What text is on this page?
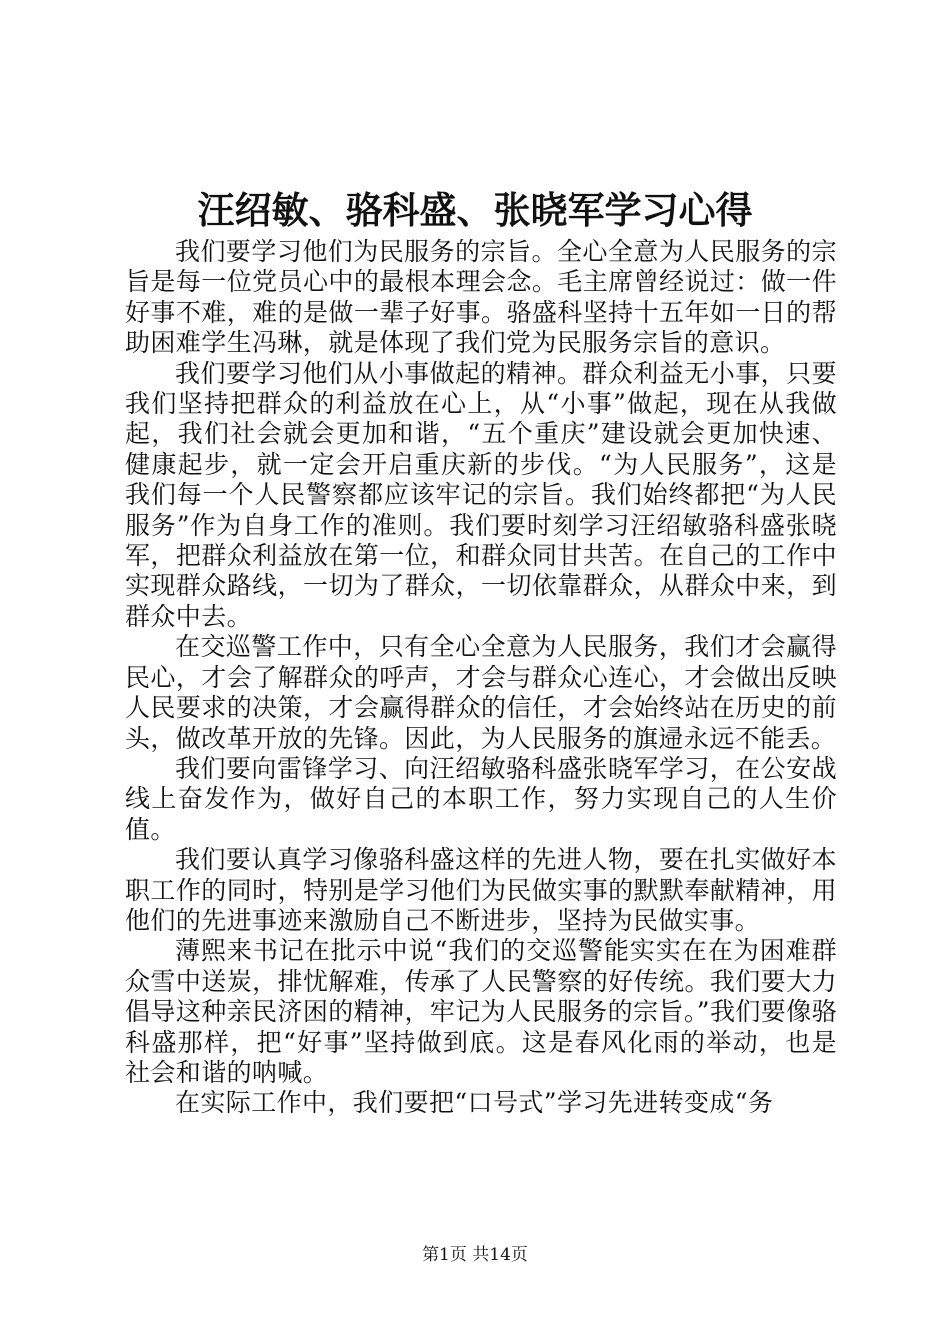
汪绍敏、骆科盛、张晓军学习心得

我们要学习他们为民服务的宗旨。全心全意为人民服务的宗旨是每一位党员心中的最根本理会念。毛主席曾经说过：做一件好事不难，难的是做一辈子好事。骆盛科坚持十五年如一日的帮助困难学生冯琳，就是体现了我们党为民服务宗旨的意识。

我们要学习他们从小事做起的精神。群众利益无小事，只要我们坚持把群众的利益放在心上，从“小事”做起，现在从我做起，我们社会就会更加和谐，“五个重庆”建设就会更加快速、健康起步，就一定会开启重庆新的步伐。“为人民服务”，这是我们每一个人民警察都应该牢记的宗旨。我们始终都把“为人民服务”作为自身工作的准则。我们要时刻学习汪绍敏骆科盛张晓军，把群众利益放在第一位，和群众同甘共苦。在自己的工作中实现群众路线，一切为了群众，一切依靠群众，从群众中来，到群众中去。

在交巡警工作中，只有全心全意为人民服务，我们才会赢得民心，才会了解群众的呼声，才会与群众心连心，才会做出反映人民要求的决策，才会赢得群众的信任，才会始终站在历史的前头，做改革开放的先锋。因此，为人民服务的旗䢜永远不能丢。

我们要向雷锋学习、向汪绍敏骆科盛张晓军学习，在公安战线上奋发作为，做好自己的本职工作，努力实现自己的人生价值。

我们要认真学习像骆科盛这样的先进人物，要在扎实做好本职工作的同时，特别是学习他们为民做实事的默默奉献精神，用他们的先进事迹来激励自己不断进步，坚持为民做实事。

薄熙来书记在批示中说“我们的交巡警能实实在在为困难群众雪中送炭，排忧解难，传承了人民警察的好传统。我们要大力倡导这种亲民济困的精神，牢记为人民服务的宗旨。”我们要像骆科盛那样，把“好事”坚持做到底。这是春风化雨的举动，也是社会和谐的呐喊。

在实际工作中，我们要把“口号式”学习先进转变成“务

第1页 共14页
